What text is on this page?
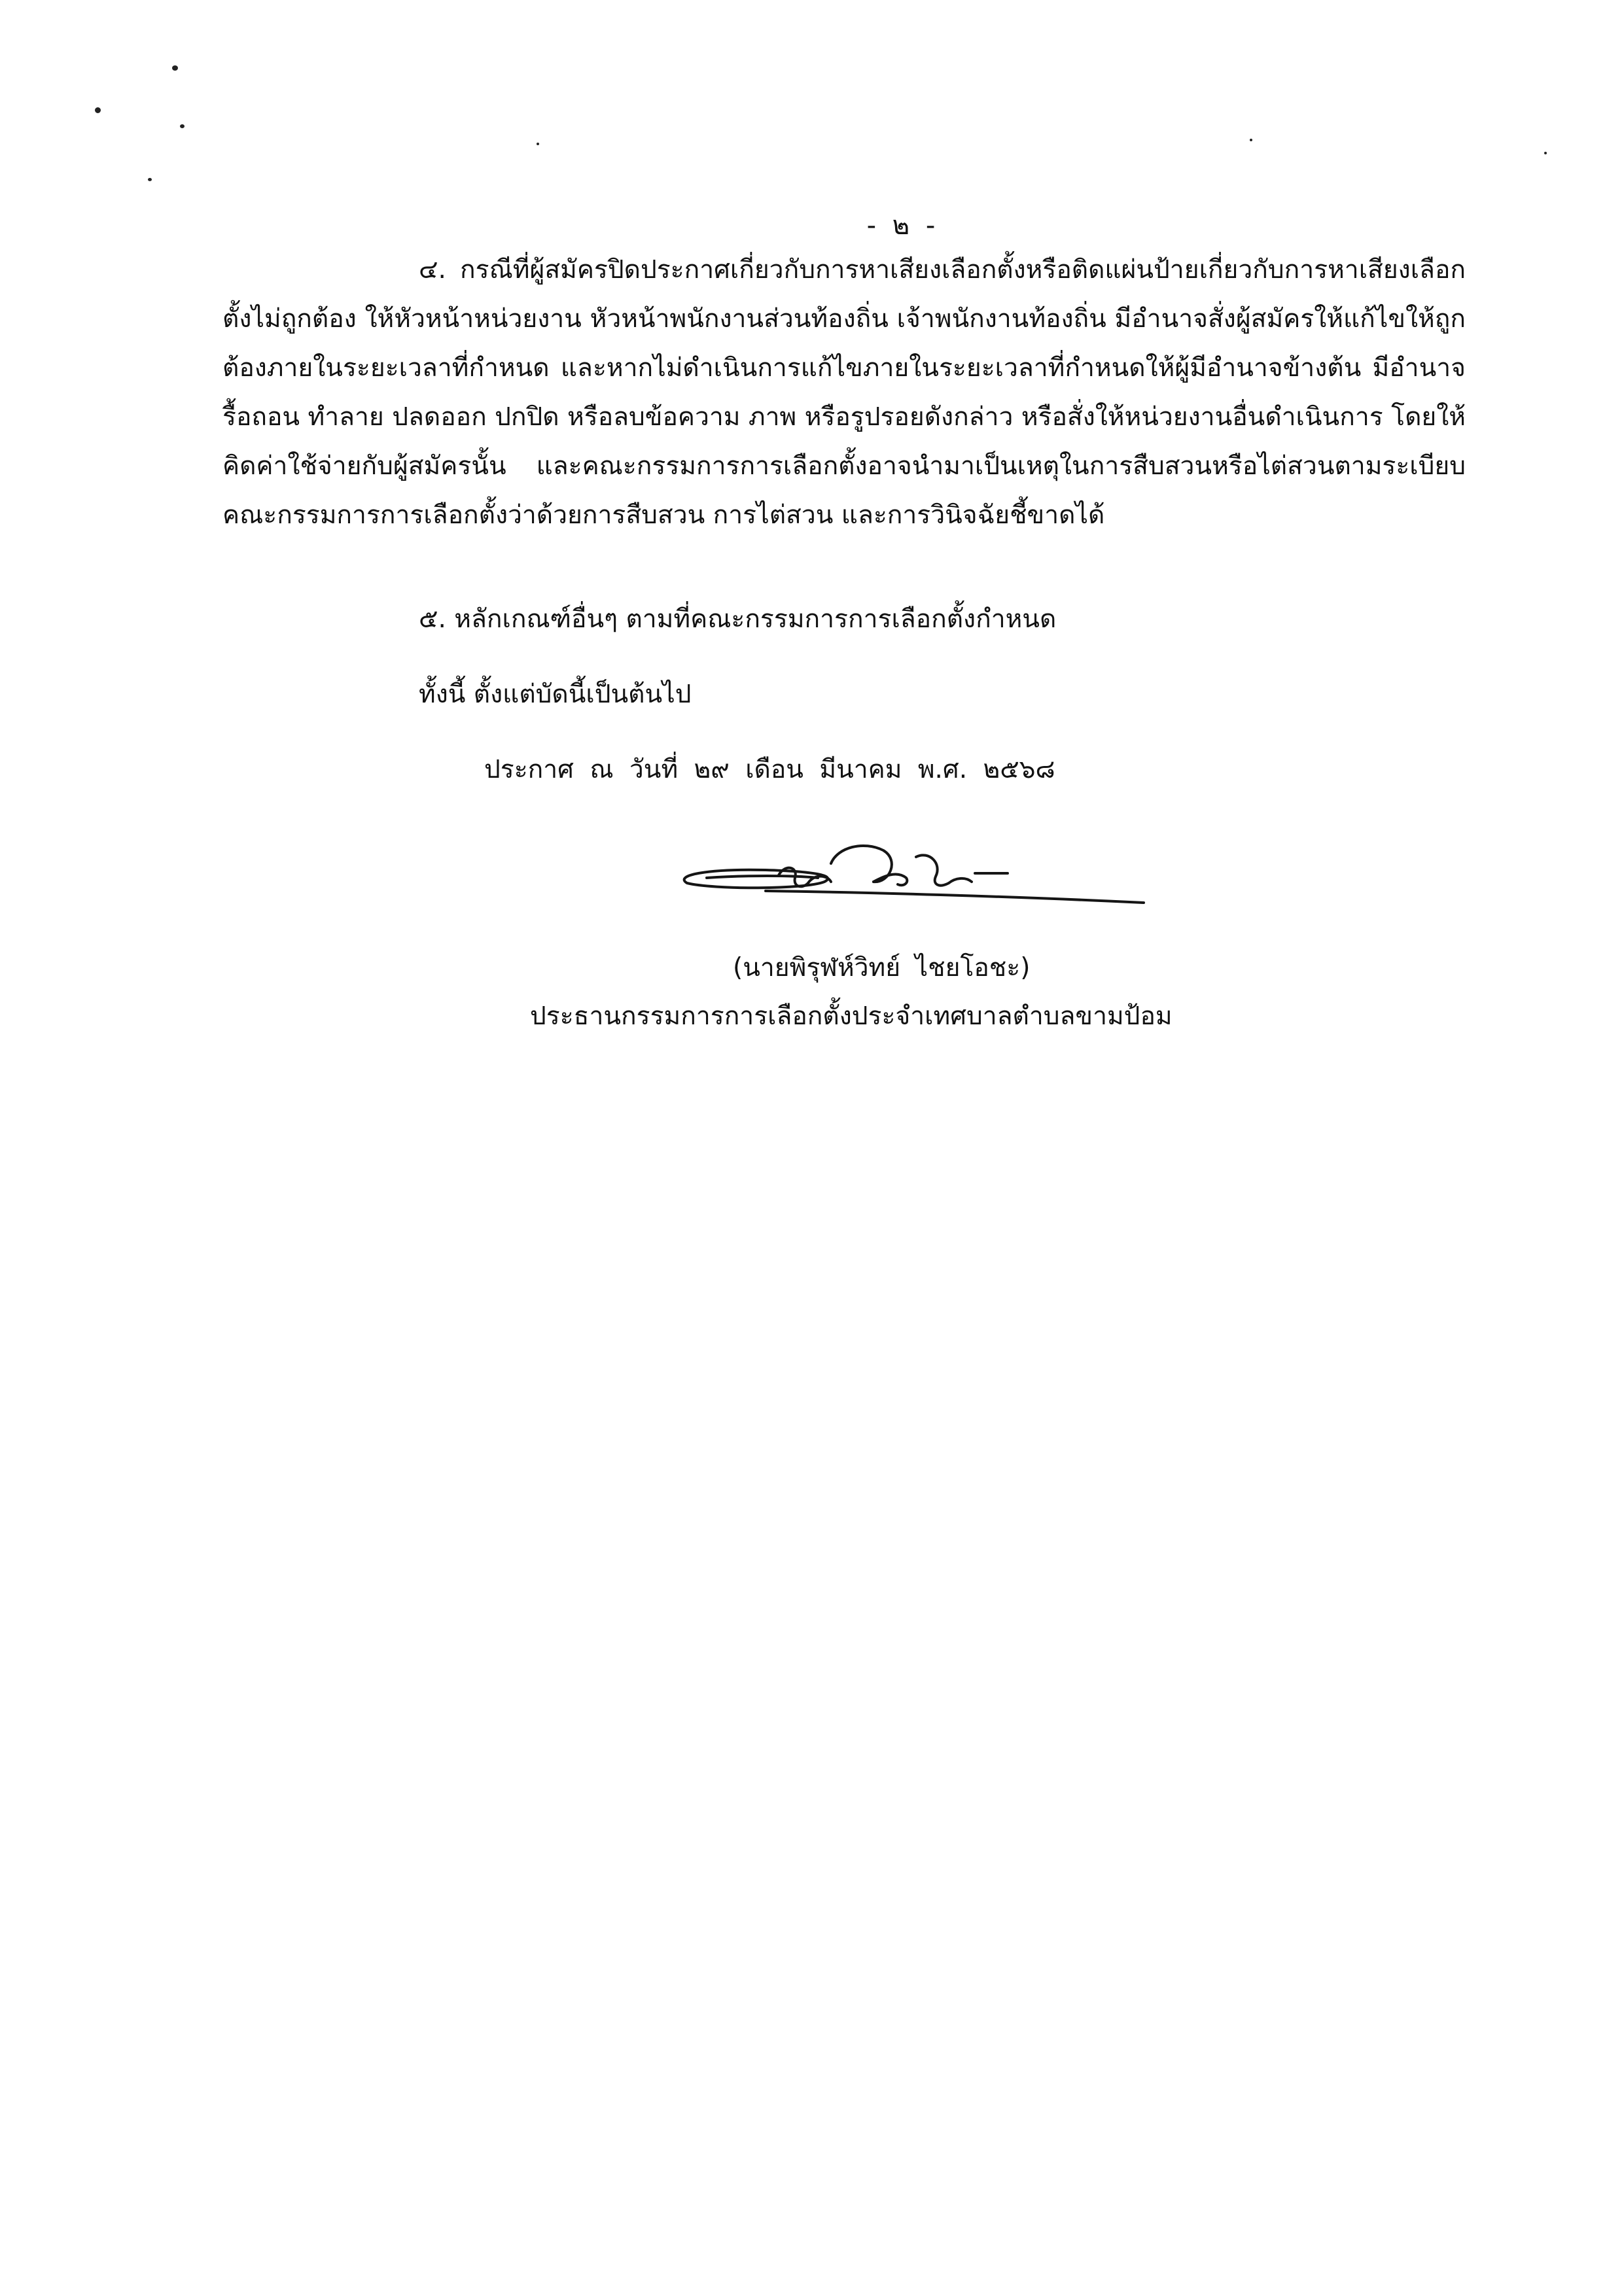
- ๒ -

๔. กรณีที่ผู้สมัครปิดประกาศเกี่ยวกับการหาเสียงเลือกตั้งหรือติดแผ่นป้ายเกี่ยวกับการหาเสียงเลือกตั้งไม่ถูกต้อง ให้หัวหน้าหน่วยงาน หัวหน้าพนักงานส่วนท้องถิ่น เจ้าพนักงานท้องถิ่น มีอำนาจสั่งผู้สมัครให้แก้ไขให้ถูกต้องภายในระยะเวลาที่กำหนด และหากไม่ดำเนินการแก้ไขภายในระยะเวลาที่กำหนดให้ผู้มีอำนาจข้างต้น มีอำนาจรื้อถอน ทำลาย ปลดออก ปกปิด หรือลบข้อความ ภาพ หรือรูปรอยดังกล่าว หรือสั่งให้หน่วยงานอื่นดำเนินการ โดยให้คิดค่าใช้จ่ายกับผู้สมัครนั้น และคณะกรรมการการเลือกตั้งอาจนำมาเป็นเหตุในการสืบสวนหรือไต่สวนตามระเบียบคณะกรรมการการเลือกตั้งว่าด้วยการสืบสวน การไต่สวน และการวินิจฉัยชี้ขาดได้

๕. หลักเกณฑ์อื่นๆ ตามที่คณะกรรมการการเลือกตั้งกำหนด
ทั้งนี้ ตั้งแต่บัดนี้เป็นต้นไป
ประกาศ ณ วันที่ ๒๙ เดือน มีนาคม พ.ศ. ๒๕๖๘
(นายพิรุฬห์วิทย์ ไชยโอชะ)
ประธานกรรมการการเลือกตั้งประจำเทศบาลตำบลขามป้อม
